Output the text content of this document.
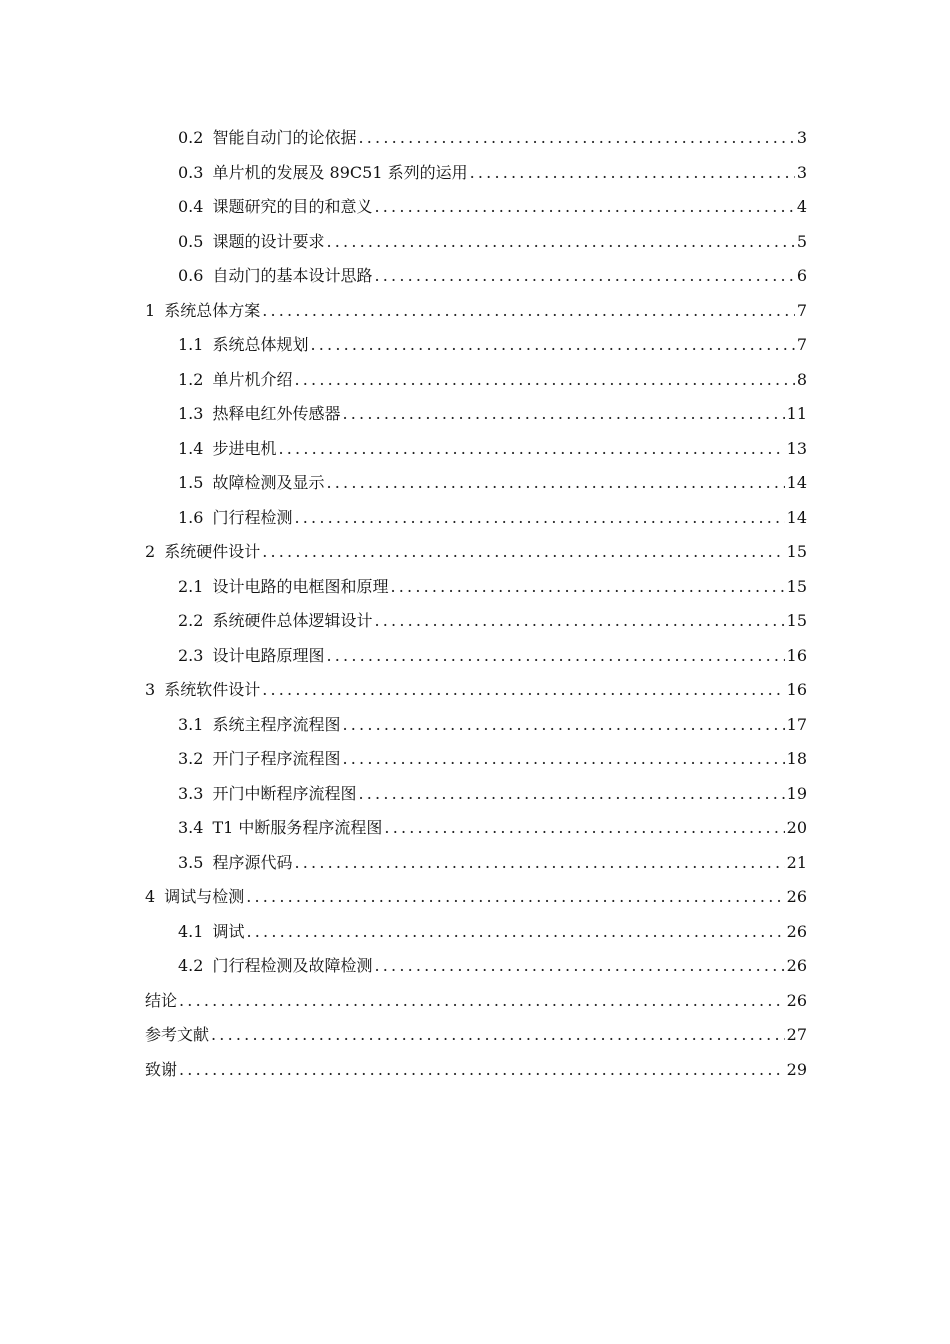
0.2 智能自动门的论依据 .....	3
0.3 单片机的发展及 89C51 系列的运用 .....	3
0.4 课题研究的目的和意义 .....	4
0.5 课题的设计要求 .....	5
0.6 自动门的基本设计思路 .....	6
1 系统总体方案 .....	7
1.1 系统总体规划 .....	7
1.2 单片机介绍 .....	8
1.3 热释电红外传感器 .....	11
1.4 步进电机 .....	13
1.5 故障检测及显示 .....	14
1.6 门行程检测 .....	14
2 系统硬件设计 .....	15
2.1 设计电路的电框图和原理 .....	15
2.2 系统硬件总体逻辑设计 .....	15
2.3 设计电路原理图 .....	16
3 系统软件设计 .....	16
3.1 系统主程序流程图 .....	17
3.2 开门子程序流程图 .....	18
3.3 开门中断程序流程图 .....	19
3.4 T1 中断服务程序流程图 .....	20
3.5 程序源代码 .....	21
4 调试与检测 .....	26
4.1 调试 .....	26
4.2 门行程检测及故障检测 .....	26
结论 .....	26
参考文献 .....	27
致谢 .....	29
